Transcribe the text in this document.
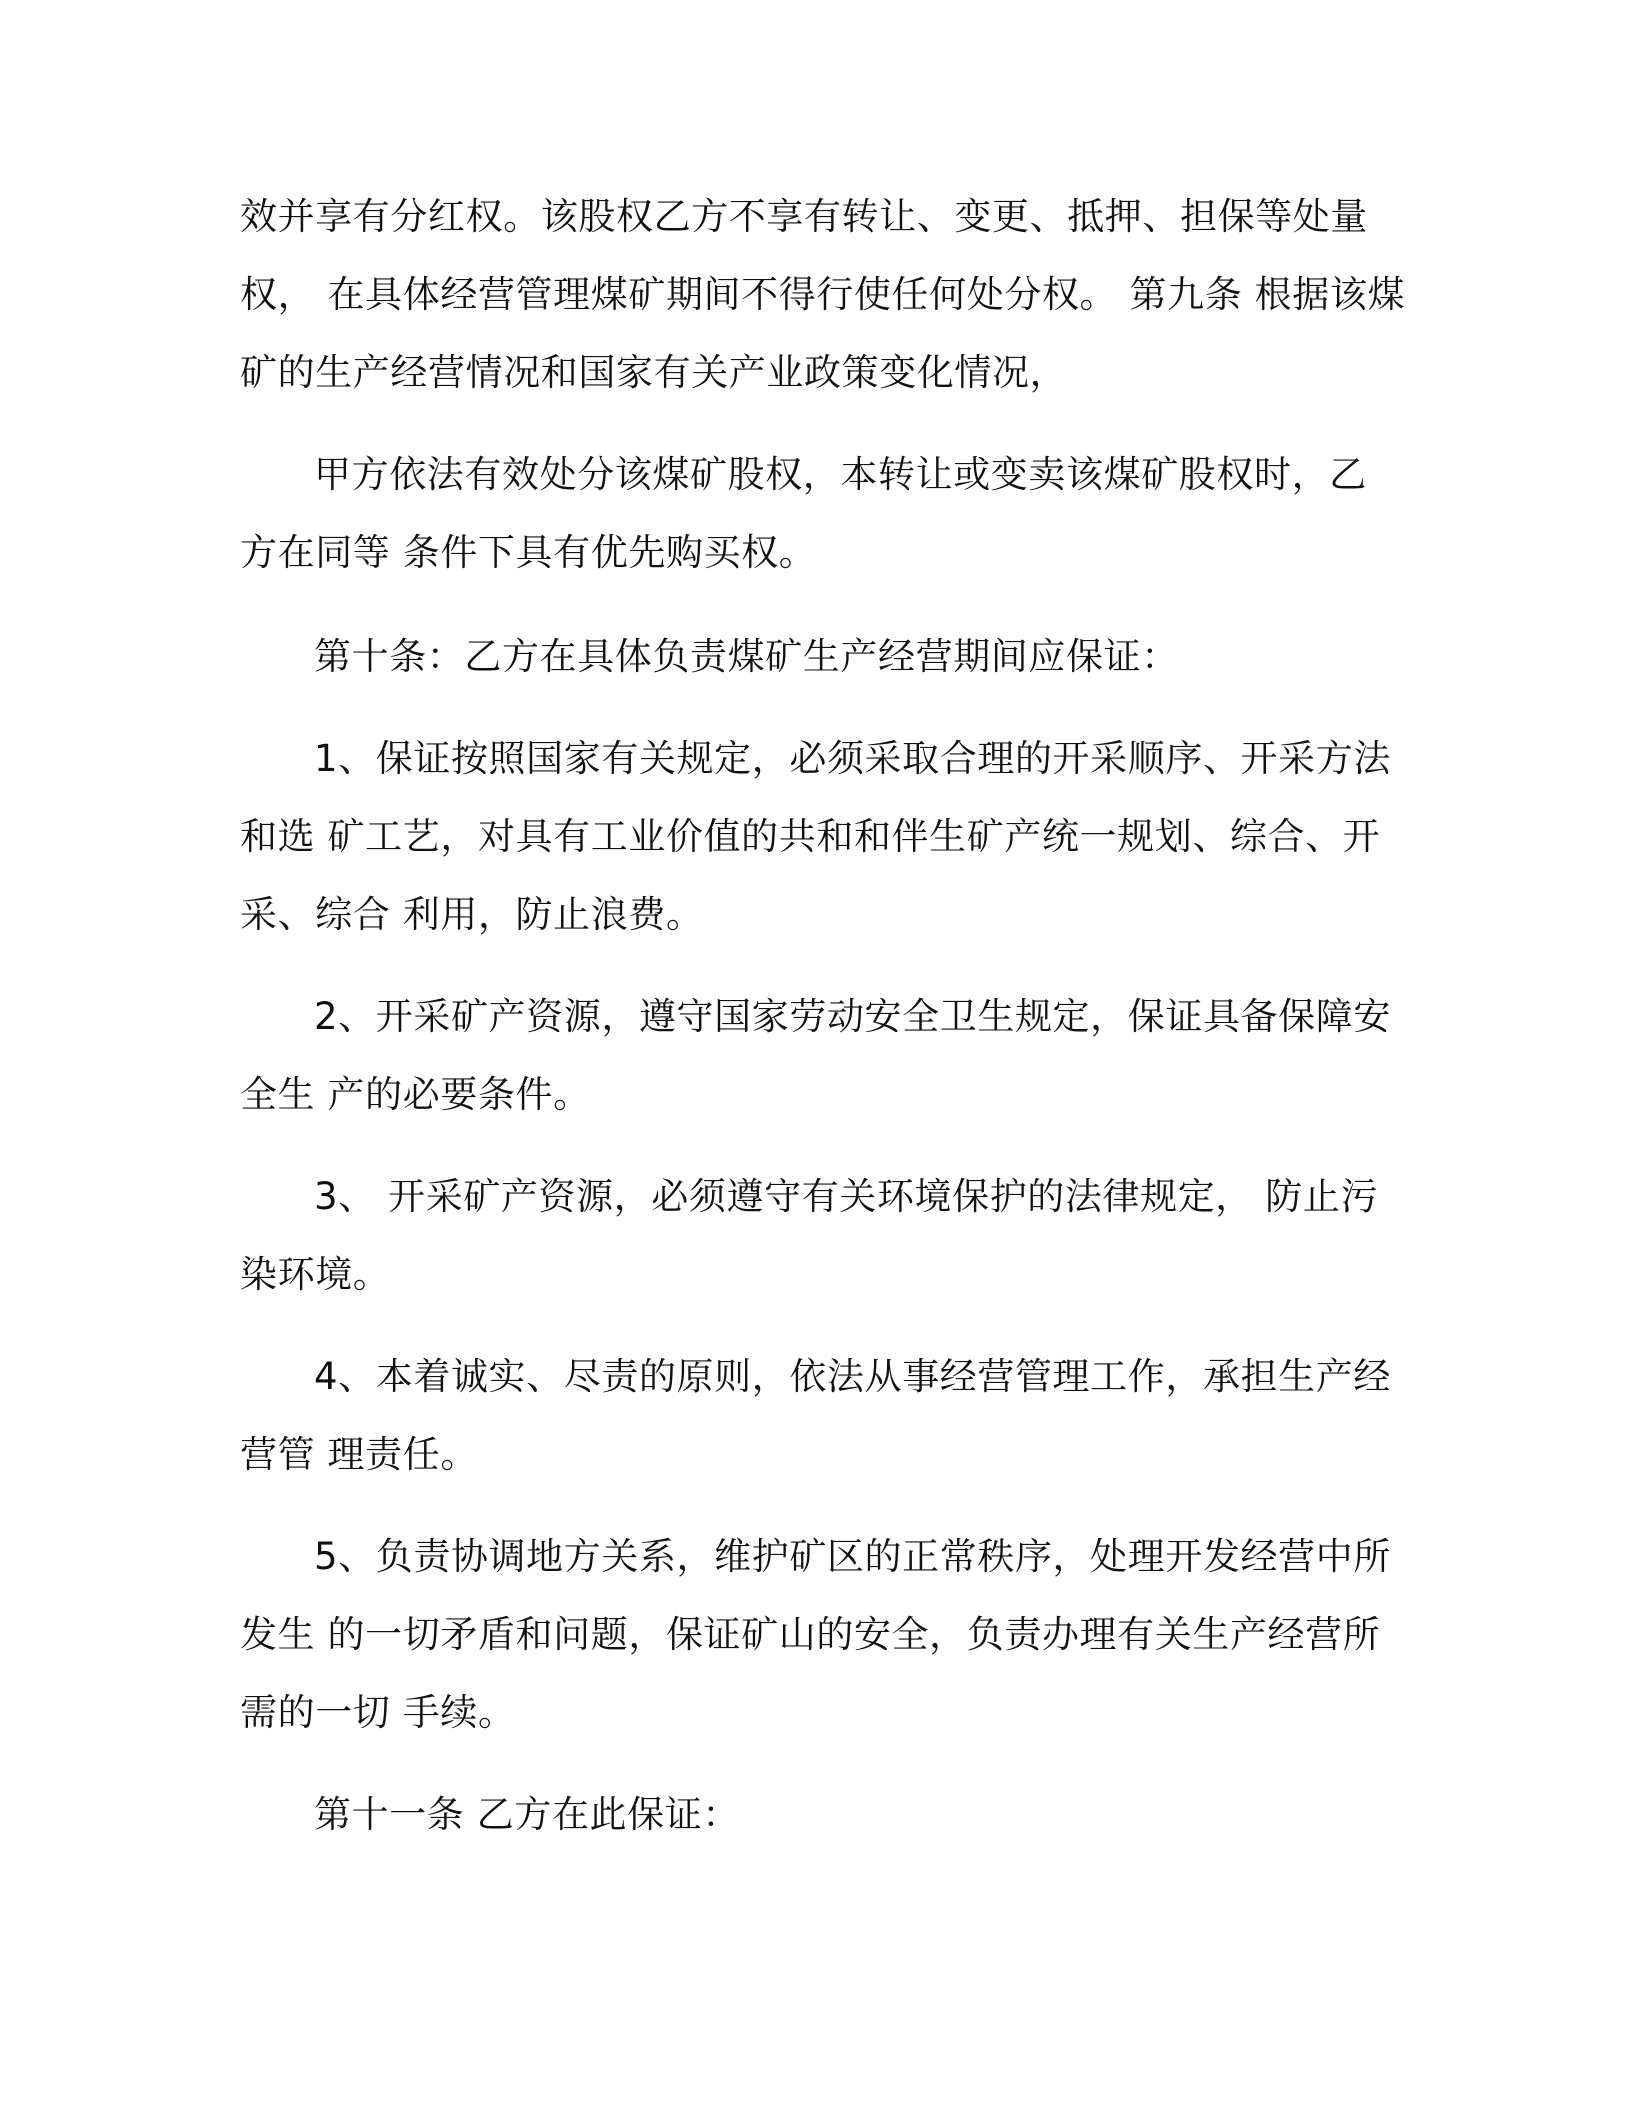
效并享有分红权。该股权乙方不享有转让、变更、抵押、担保等处量
权， 在具体经营管理煤矿期间不得行使任何处分权。 第九条 根据该煤
矿的生产经营情况和国家有关产业政策变化情况，
甲方依法有效处分该煤矿股权，本转让或变卖该煤矿股权时，乙
方在同等 条件下具有优先购买权。
第十条：乙方在具体负责煤矿生产经营期间应保证：
1、保证按照国家有关规定，必须采取合理的开采顺序、开采方法
和选 矿工艺，对具有工业价值的共和和伴生矿产统一规划、综合、开
采、综合 利用，防止浪费。
2、开采矿产资源，遵守国家劳动安全卫生规定，保证具备保障安
全生 产的必要条件。
3、 开采矿产资源，必须遵守有关环境保护的法律规定， 防止污
染环境。
4、本着诚实、尽责的原则，依法从事经营管理工作，承担生产经
营管 理责任。
5、负责协调地方关系，维护矿区的正常秩序，处理开发经营中所
发生 的一切矛盾和问题，保证矿山的安全，负责办理有关生产经营所
需的一切 手续。
第十一条 乙方在此保证：
